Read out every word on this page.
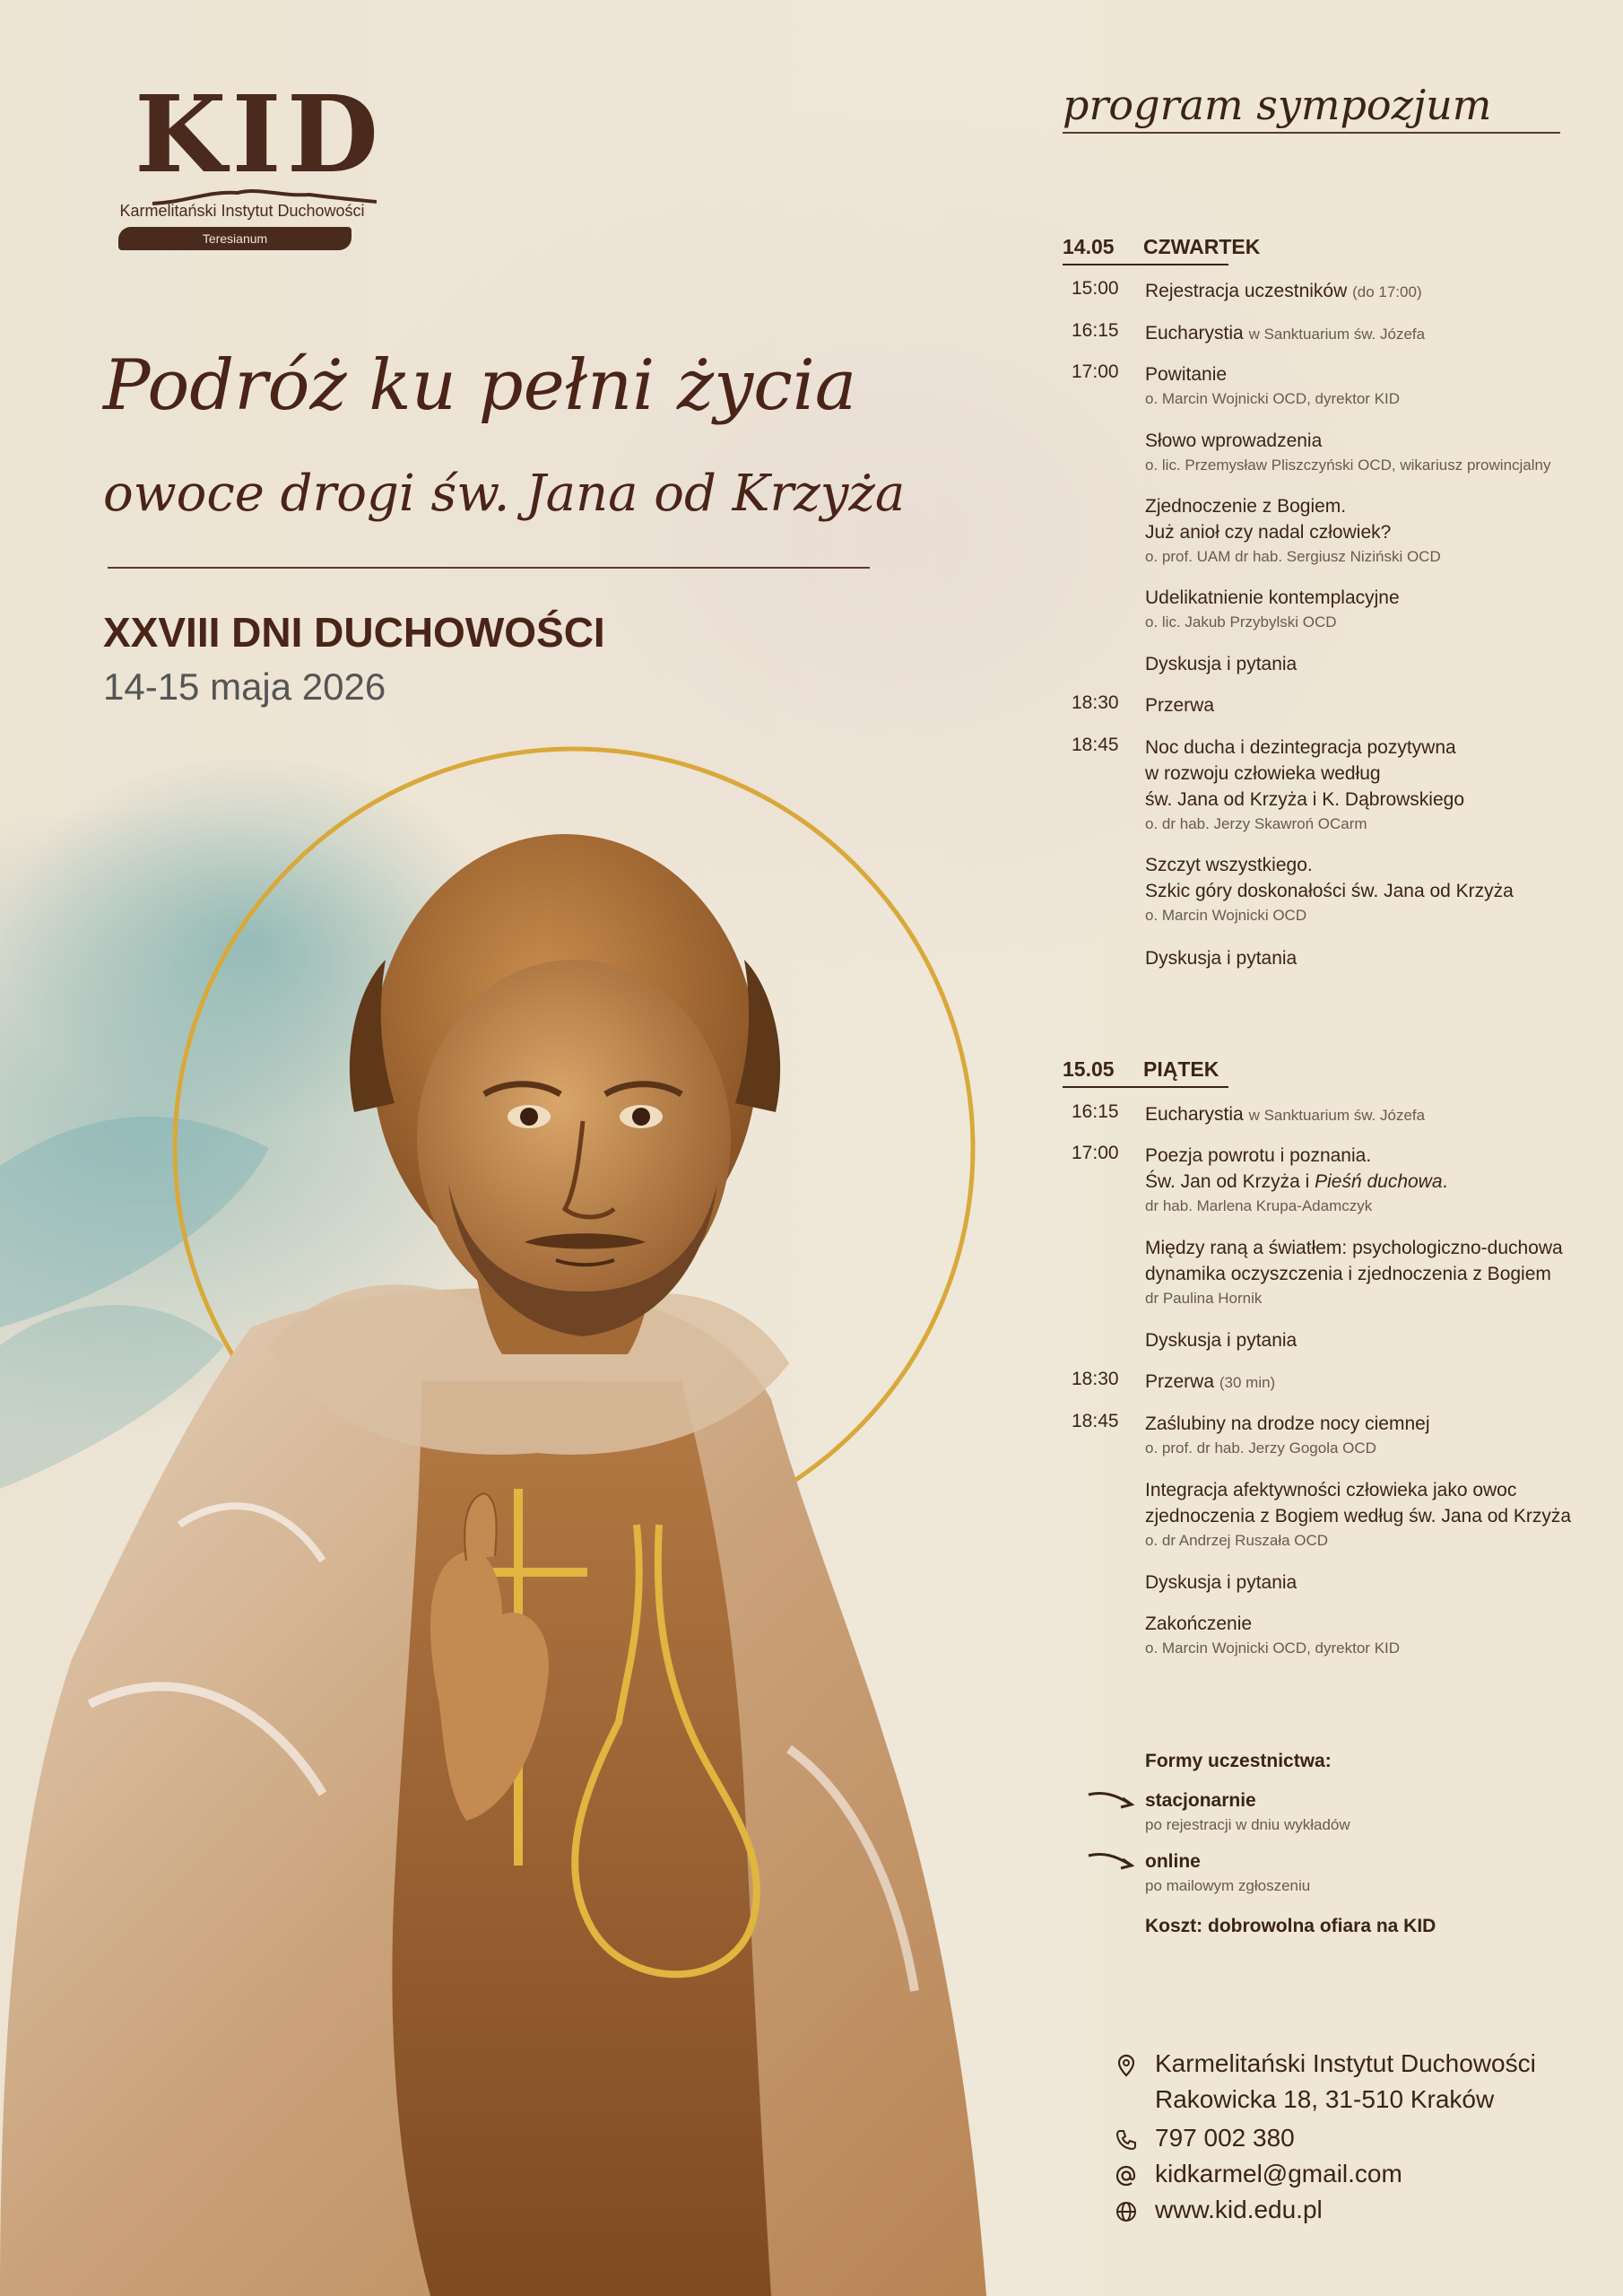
KID
Karmelitański Instytut Duchowości
Teresianum
Podróż ku pełni życia
owoce drogi św. Jana od Krzyża
XXVIII DNI DUCHOWOŚCI
14-15 maja 2026
program sympozjum
14.05 CZWARTEK
15:00 Rejestracja uczestników (do 17:00)
16:15 Eucharystia w Sanktuarium św. Józefa
17:00 Powitanie
o. Marcin Wojnicki OCD, dyrektor KID
Słowo wprowadzenia
o. lic. Przemysław Pliszczyński OCD, wikariusz prowincjalny
Zjednoczenie z Bogiem.
Już anioł czy nadal człowiek?
o. prof. UAM dr hab. Sergiusz Niziński OCD
Udelikatnienie kontemplacyjne
o. lic. Jakub Przybylski OCD
Dyskusja i pytania
18:30 Przerwa
18:45 Noc ducha i dezintegracja pozytywna
w rozwoju człowieka według
św. Jana od Krzyża i K. Dąbrowskiego
o. dr hab. Jerzy Skawroń OCarm
Szczyt wszystkiego.
Szkic góry doskonałości św. Jana od Krzyża
o. Marcin Wojnicki OCD
Dyskusja i pytania
15.05 PIĄTEK
16:15 Eucharystia w Sanktuarium św. Józefa
17:00 Poezja powrotu i poznania.
Św. Jan od Krzyża i Pieśń duchowa.
dr hab. Marlena Krupa-Adamczyk
Między raną a światłem: psychologiczno-duchowa
dynamika oczyszczenia i zjednoczenia z Bogiem
dr Paulina Hornik
Dyskusja i pytania
18:30 Przerwa (30 min)
18:45 Zaślubiny na drodze nocy ciemnej
o. prof. dr hab. Jerzy Gogola OCD
Integracja afektywności człowieka jako owoc
zjednoczenia z Bogiem według św. Jana od Krzyża
o. dr Andrzej Ruszała OCD
Dyskusja i pytania
Zakończenie
o. Marcin Wojnicki OCD, dyrektor KID
Formy uczestnictwa:
stacjonarnie
po rejestracji w dniu wykładów
online
po mailowym zgłoszeniu
Koszt: dobrowolna ofiara na KID
Karmelitański Instytut Duchowości
Rakowicka 18, 31-510 Kraków
797 002 380
kidkarmel@gmail.com
www.kid.edu.pl
